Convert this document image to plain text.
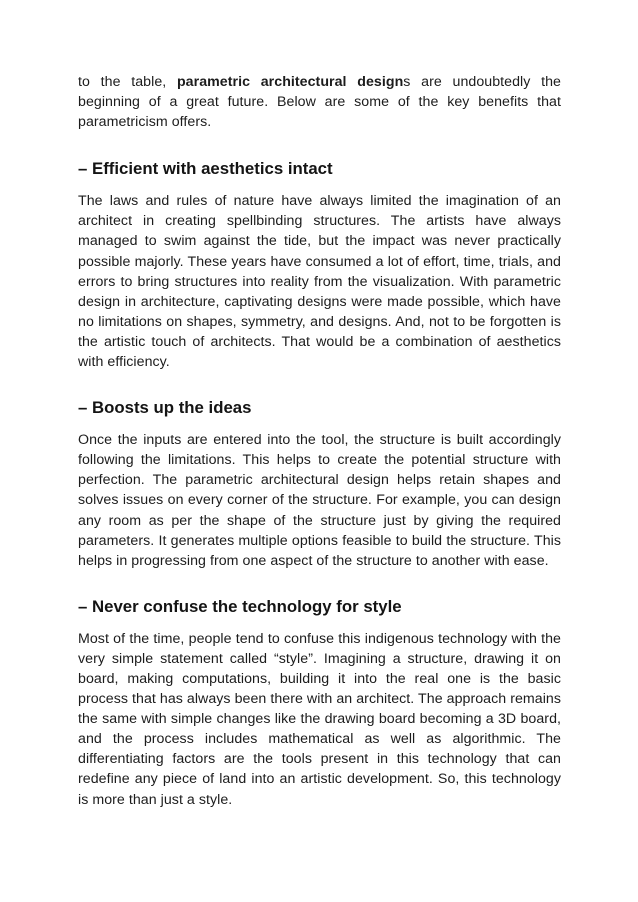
to the table, parametric architectural designs are undoubtedly the beginning of a great future. Below are some of the key benefits that parametricism offers.

– Efficient with aesthetics intact

The laws and rules of nature have always limited the imagination of an architect in creating spellbinding structures. The artists have always managed to swim against the tide, but the impact was never practically possible majorly. These years have consumed a lot of effort, time, trials, and errors to bring structures into reality from the visualization. With parametric design in architecture, captivating designs were made possible, which have no limitations on shapes, symmetry, and designs. And, not to be forgotten is the artistic touch of architects. That would be a combination of aesthetics with efficiency.

– Boosts up the ideas

Once the inputs are entered into the tool, the structure is built accordingly following the limitations. This helps to create the potential structure with perfection. The parametric architectural design helps retain shapes and solves issues on every corner of the structure. For example, you can design any room as per the shape of the structure just by giving the required parameters. It generates multiple options feasible to build the structure. This helps in progressing from one aspect of the structure to another with ease.

– Never confuse the technology for style

Most of the time, people tend to confuse this indigenous technology with the very simple statement called “style”. Imagining a structure, drawing it on board, making computations, building it into the real one is the basic process that has always been there with an architect. The approach remains the same with simple changes like the drawing board becoming a 3D board, and the process includes mathematical as well as algorithmic. The differentiating factors are the tools present in this technology that can redefine any piece of land into an artistic development. So, this technology is more than just a style.
